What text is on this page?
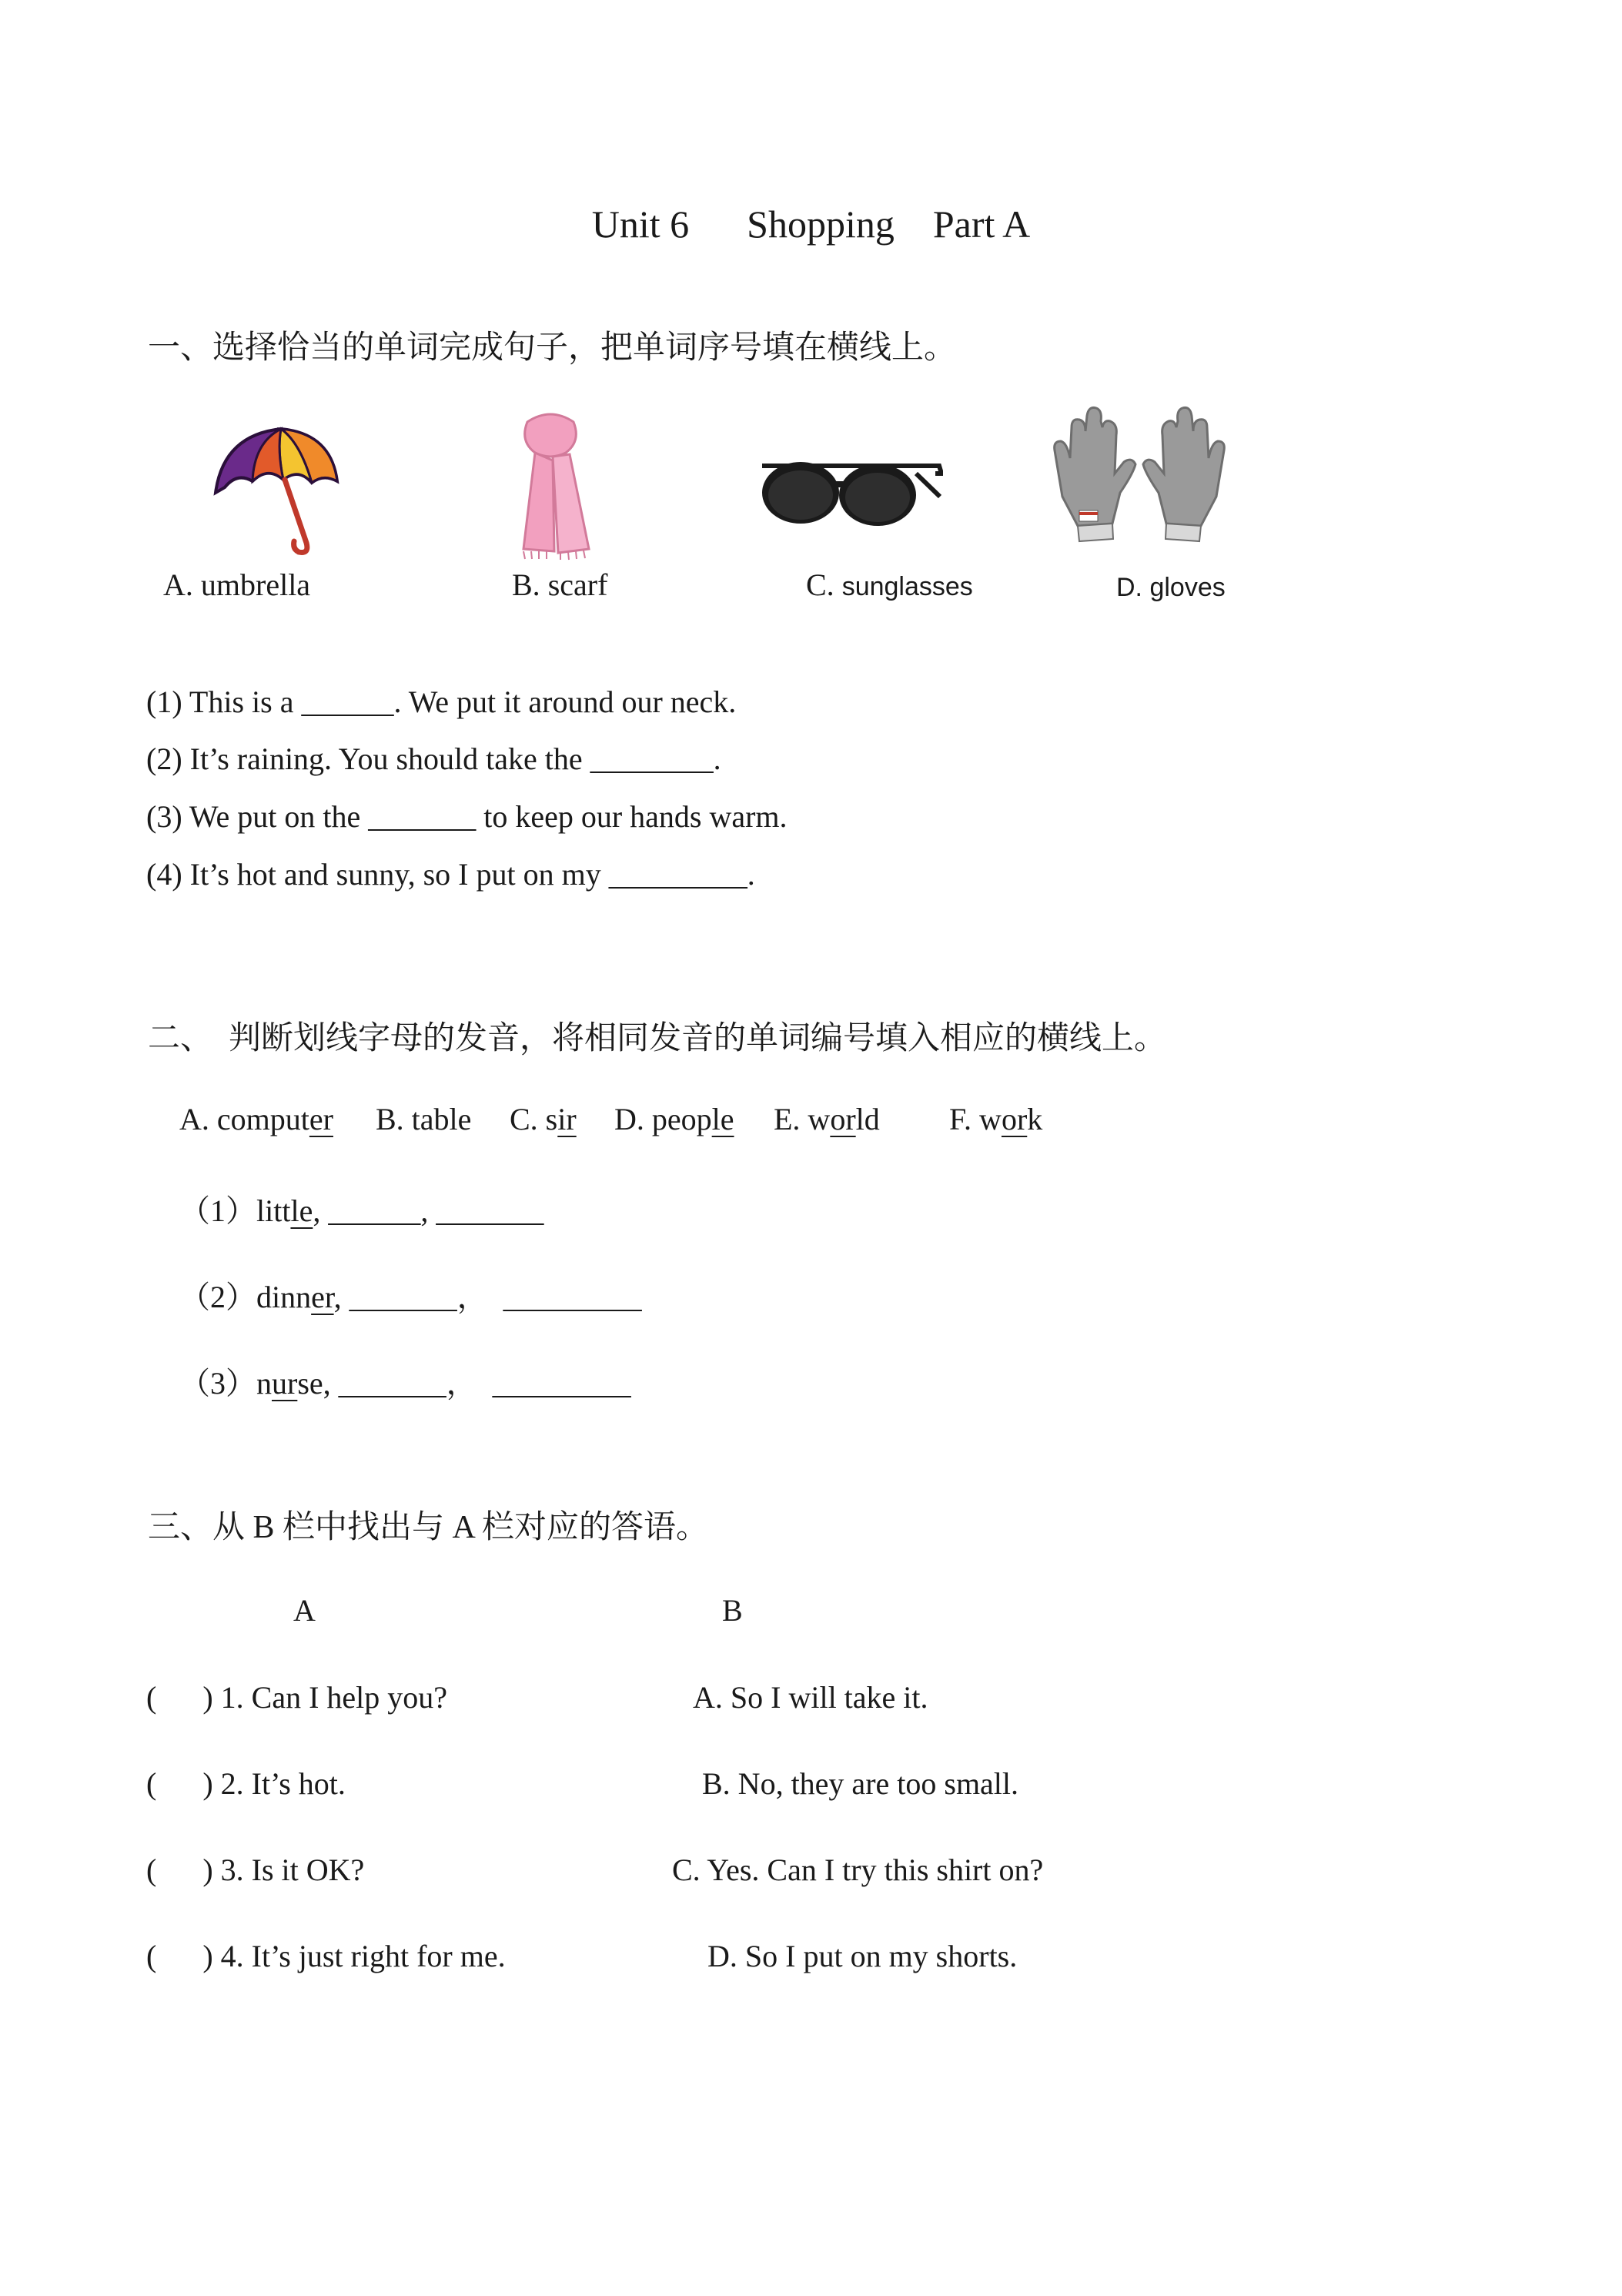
Unit 6      Shopping    Part A
一、选择恰当的单词完成句子，把单词序号填在横线上。
A. umbrella	B. scarf	C. sunglasses	D. gloves
(1) This is a ______. We put it around our neck.
(2) It’s raining. You should take the ________.
(3) We put on the _______ to keep our hands warm.
(4) It’s hot and sunny, so I put on my _________.
二、  判断划线字母的发音，将相同发音的单词编号填入相应的横线上。
A. computer B. table C. sir D. people E. world F. work
（1）little, ______, _______
（2）dinner, _______，  _________
（3）nurse, _______，  _________
三、从 B 栏中找出与 A 栏对应的答语。
A	B
(      ) 1. Can I help you?	A. So I will take it.
(      ) 2. It’s hot.	B. No, they are too small.
(      ) 3. Is it OK?	C. Yes. Can I try this shirt on?
(      ) 4. It’s just right for me.	D. So I put on my shorts.
